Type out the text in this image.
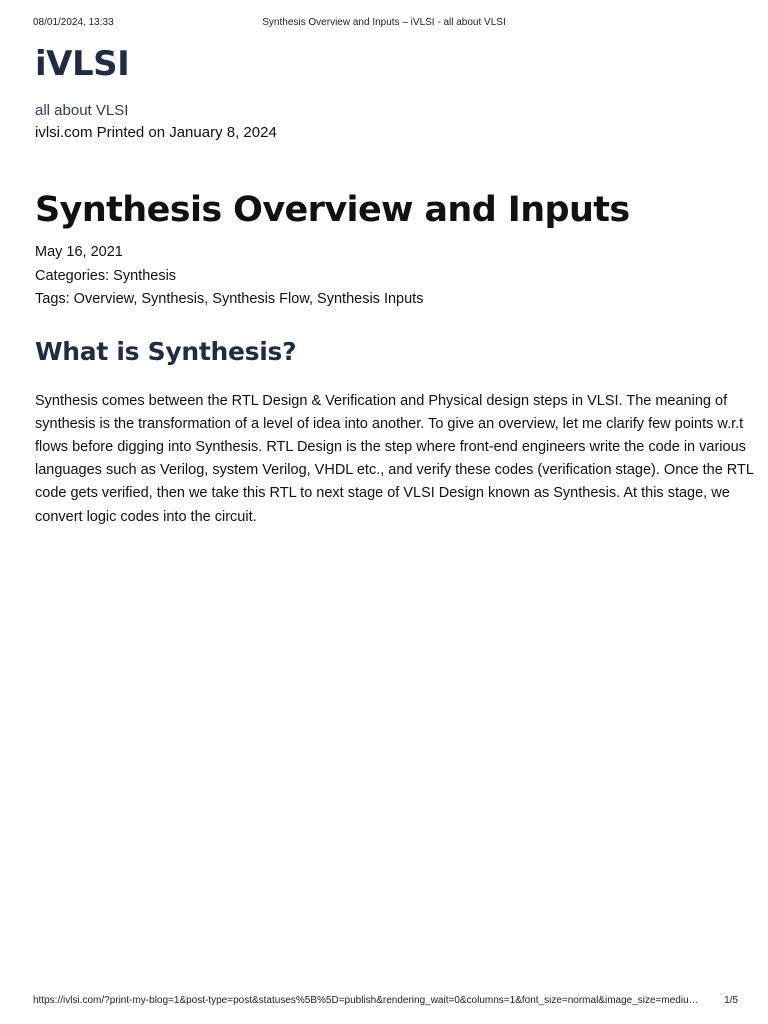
08/01/2024, 13:33	Synthesis Overview and Inputs – iVLSI - all about VLSI
iVLSI
all about VLSI
ivlsi.com Printed on January 8, 2024
Synthesis Overview and Inputs
May 16, 2021
Categories: Synthesis
Tags: Overview, Synthesis, Synthesis Flow, Synthesis Inputs
What is Synthesis?

Synthesis comes between the RTL Design & Verification and Physical design steps in VLSI. The meaning of
synthesis is the transformation of a level of idea into another. To give an overview, let me clarify few points w.r.t
flows before digging into Synthesis. RTL Design is the step where front-end engineers write the code in various
languages such as Verilog, system Verilog, VHDL etc., and verify these codes (verification stage). Once the RTL
code gets verified, then we take this RTL to next stage of VLSI Design known as Synthesis. At this stage, we
convert logic codes into the circuit.

https://ivlsi.com/?print-my-blog=1&post-type=post&statuses%5B%5D=publish&rendering_wait=0&columns=1&font_size=normal&image_size=mediu…	1/5
